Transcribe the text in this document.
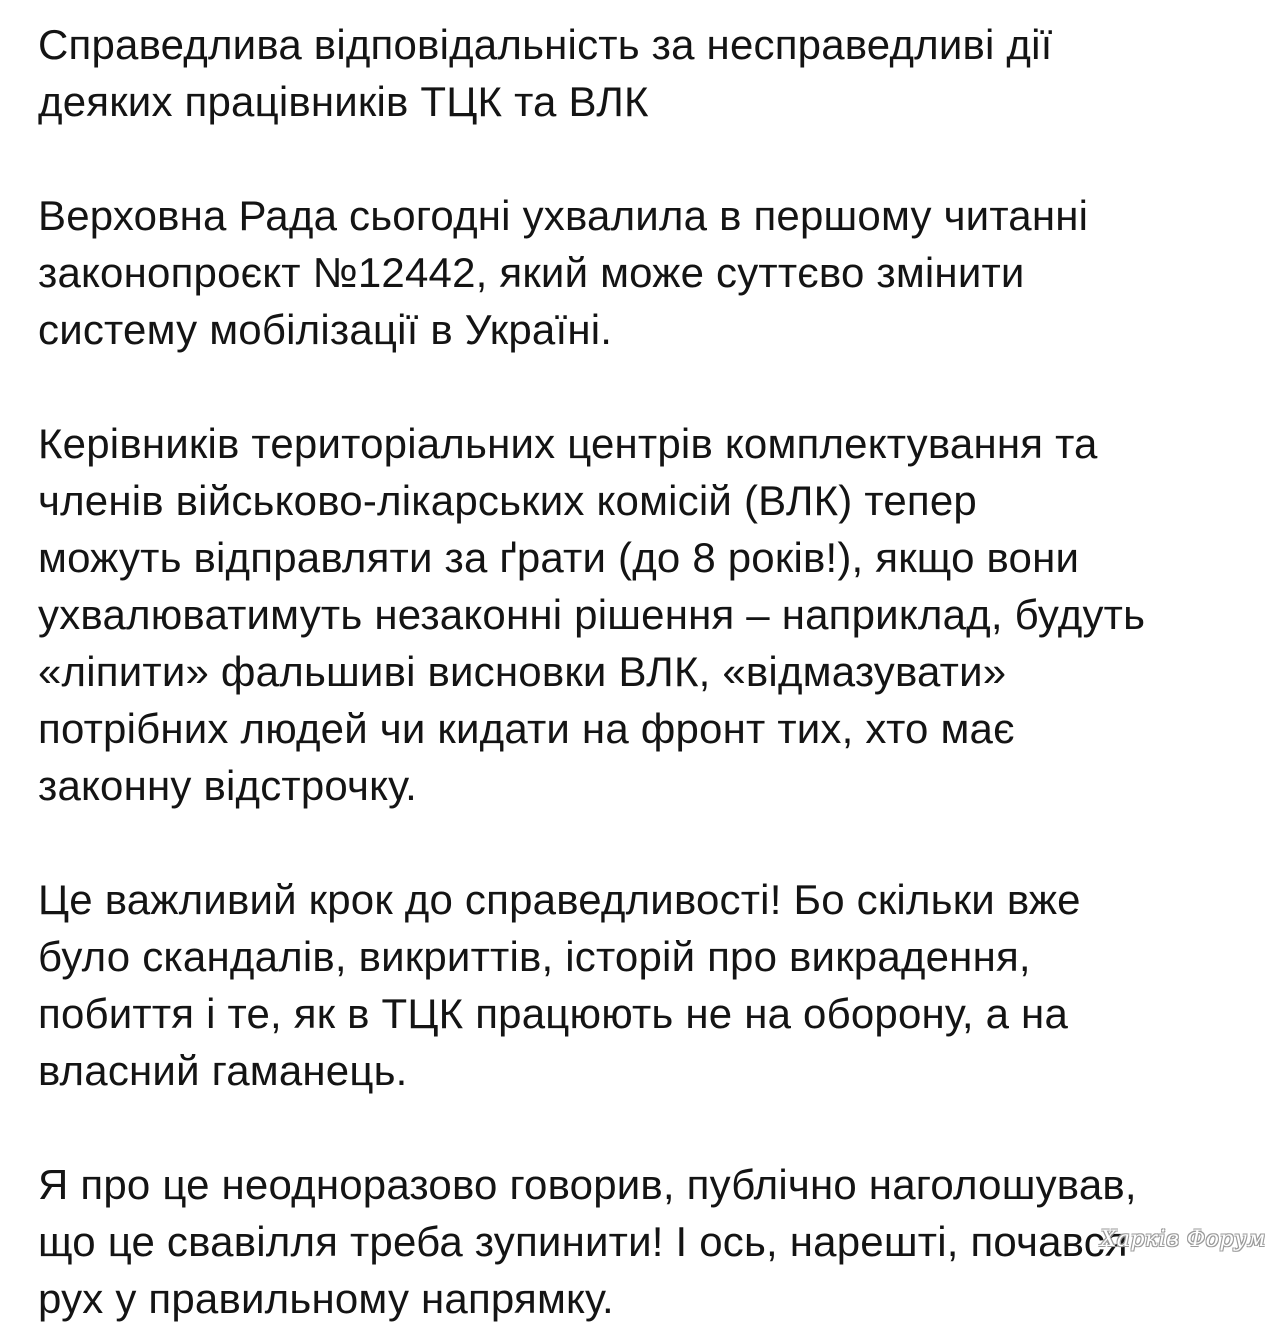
Справедлива відповідальність за несправедливі дії
деяких працівників ТЦК та ВЛК

Верховна Рада сьогодні ухвалила в першому читанні
законопроєкт №12442, який може суттєво змінити
систему мобілізації в Україні.

Керівників територіальних центрів комплектування та
членів військово-лікарських комісій (ВЛК) тепер
можуть відправляти за ґрати (до 8 років!), якщо вони
ухвалюватимуть незаконні рішення – наприклад, будуть
«ліпити» фальшиві висновки ВЛК, «відмазувати»
потрібних людей чи кидати на фронт тих, хто має
законну відстрочку.

Це важливий крок до справедливості! Бо скільки вже
було скандалів, викриттів, історій про викрадення,
побиття і те, як в ТЦК працюють не на оборону, а на
власний гаманець.

Я про це неодноразово говорив, публічно наголошував,
що це свавілля треба зупинити! І ось, нарешті, почався
рух у правильному напрямку.

Харків Форум
